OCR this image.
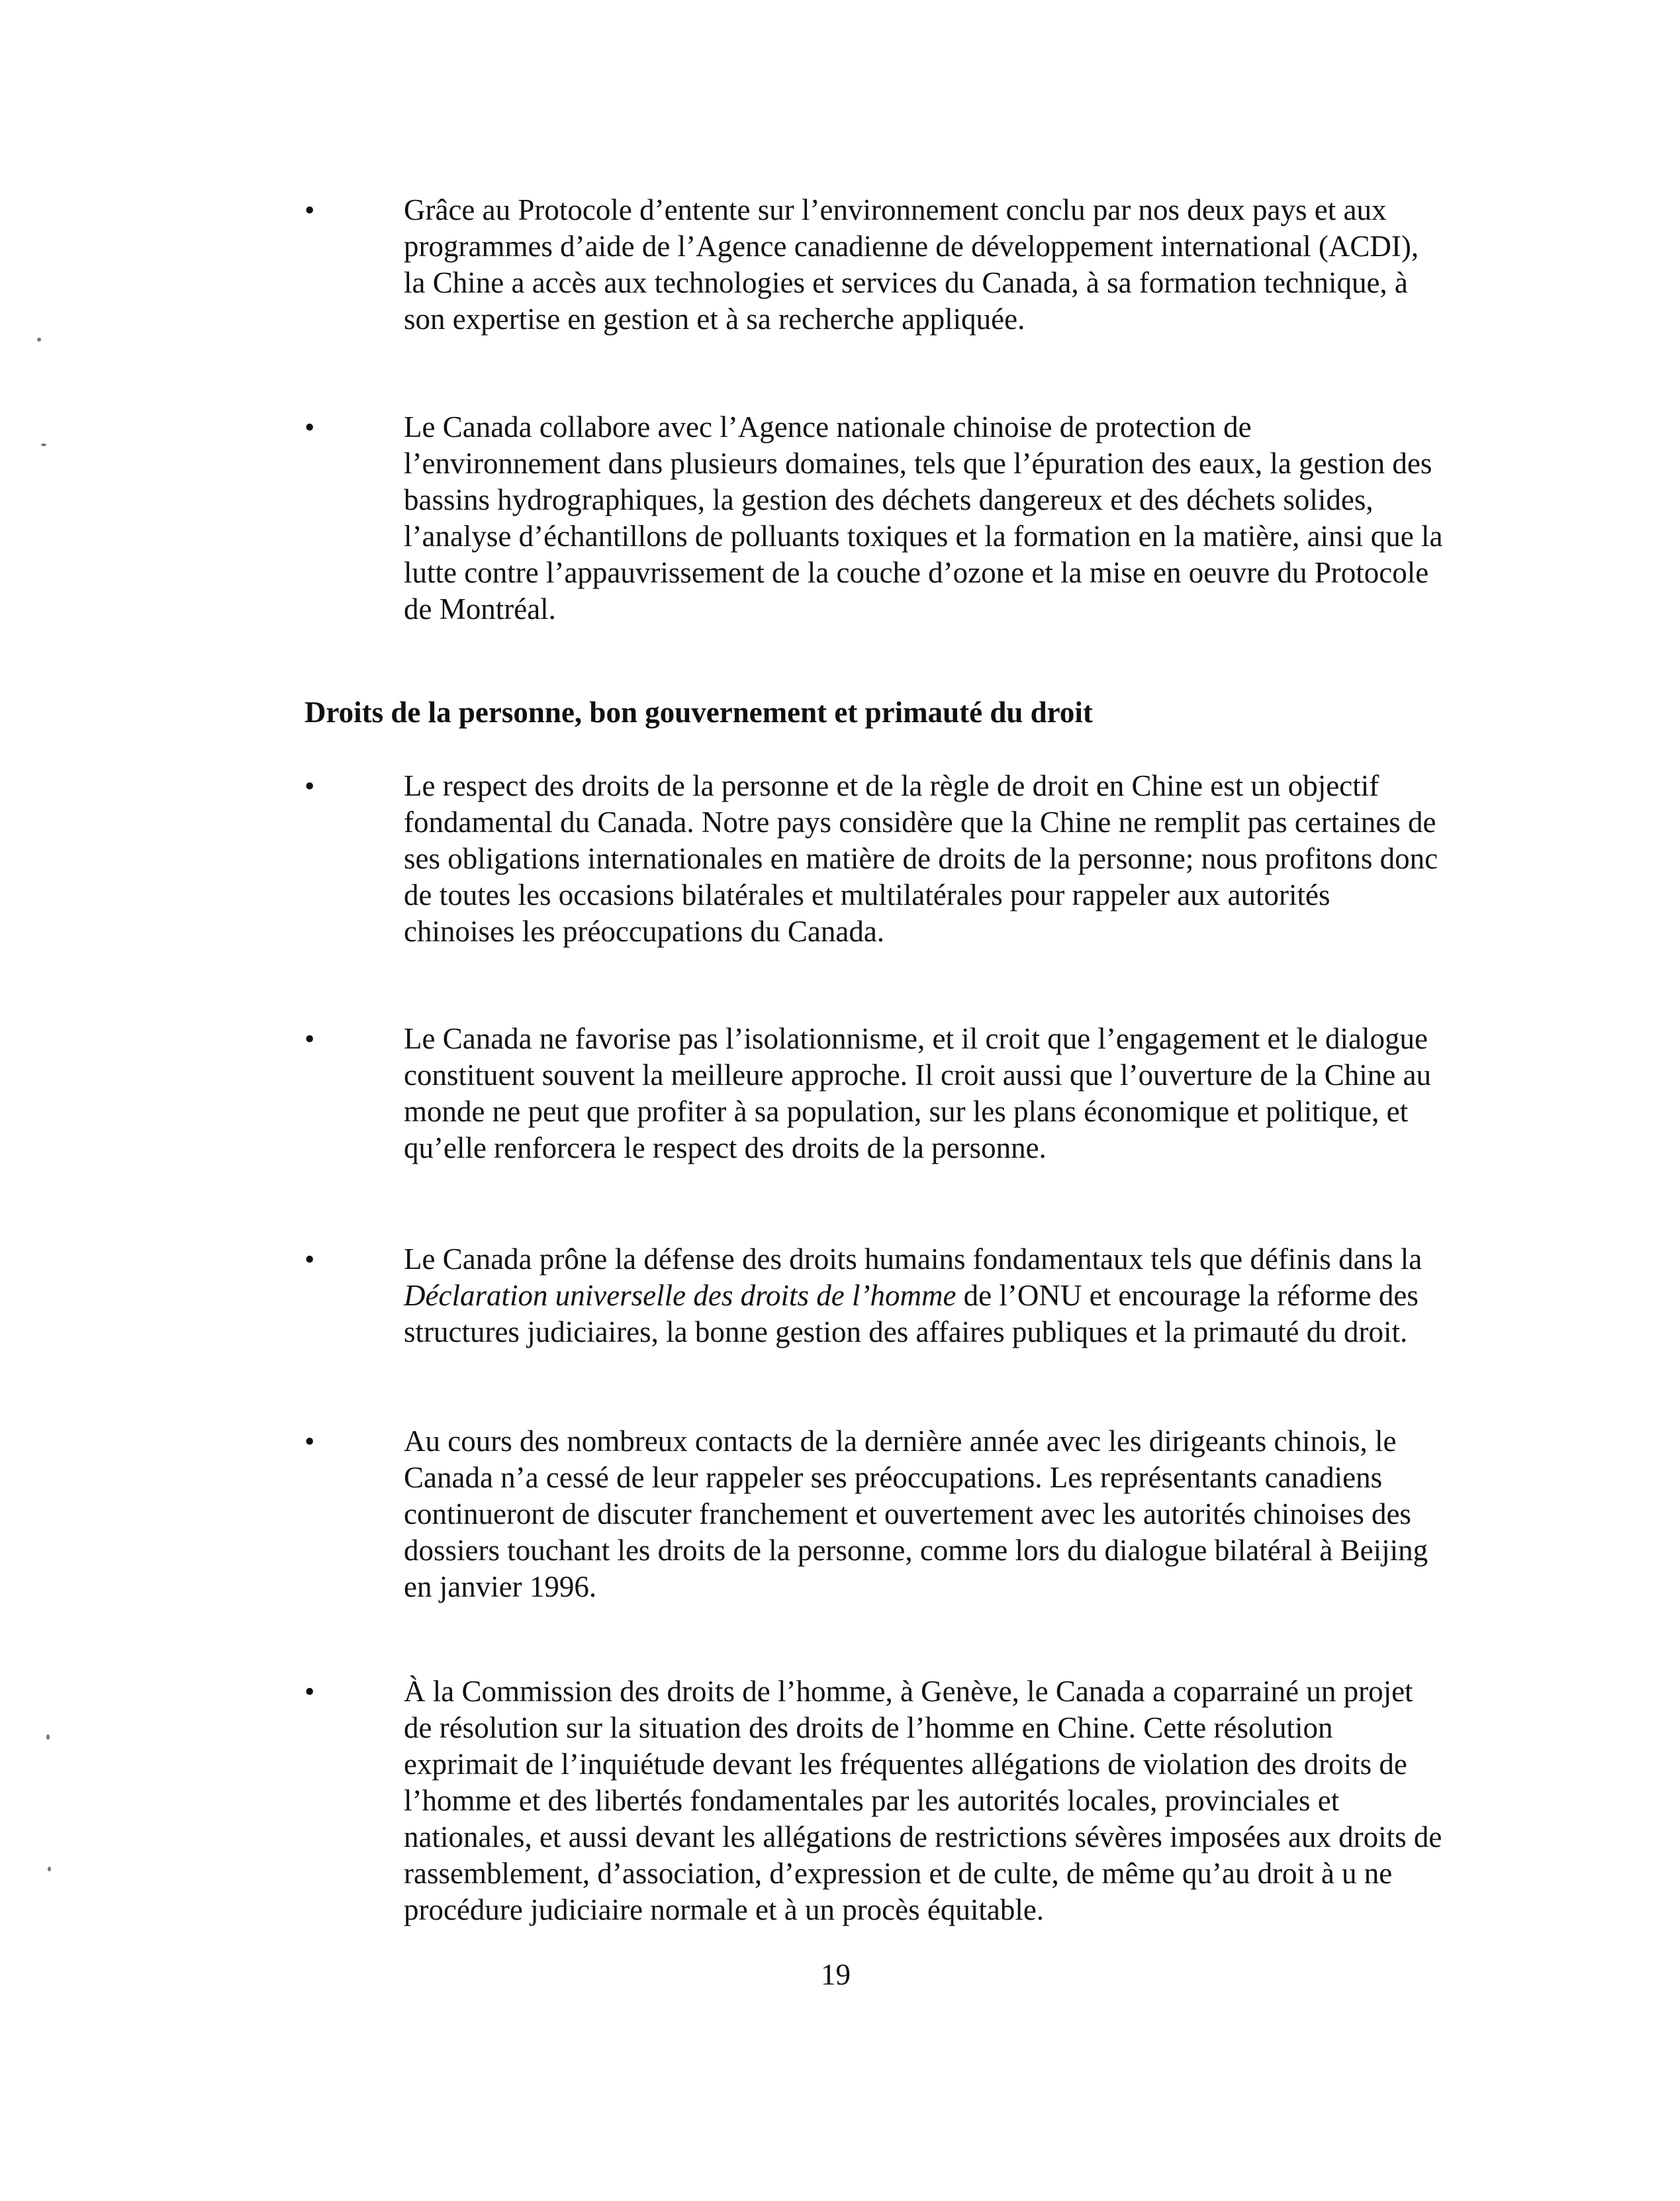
•	Grâce au Protocole d’entente sur l’environnement conclu par nos deux pays et aux programmes d’aide de l’Agence canadienne de développement international (ACDI), la Chine a accès aux technologies et services du Canada, à sa formation technique, à son expertise en gestion et à sa recherche appliquée.
•	Le Canada collabore avec l’Agence nationale chinoise de protection de l’environnement dans plusieurs domaines, tels que l’épuration des eaux, la gestion des bassins hydrographiques, la gestion des déchets dangereux et des déchets solides, l’analyse d’échantillons de polluants toxiques et la formation en la matière, ainsi que la lutte contre l’appauvrissement de la couche d’ozone et la mise en oeuvre du Protocole de Montréal.
Droits de la personne, bon gouvernement et primauté du droit
•	Le respect des droits de la personne et de la règle de droit en Chine est un objectif fondamental du Canada. Notre pays considère que la Chine ne remplit pas certaines de ses obligations internationales en matière de droits de la personne; nous profitons donc de toutes les occasions bilatérales et multilatérales pour rappeler aux autorités chinoises les préoccupations du Canada.
•	Le Canada ne favorise pas l’isolationnisme, et il croit que l’engagement et le dialogue constituent souvent la meilleure approche. Il croit aussi que l’ouverture de la Chine au monde ne peut que profiter à sa population, sur les plans économique et politique, et qu’elle renforcera le respect des droits de la personne.
•	Le Canada prône la défense des droits humains fondamentaux tels que définis dans la Déclaration universelle des droits de l’homme de l’ONU et encourage la réforme des structures judiciaires, la bonne gestion des affaires publiques et la primauté du droit.
•	Au cours des nombreux contacts de la dernière année avec les dirigeants chinois, le Canada n’a cessé de leur rappeler ses préoccupations. Les représentants canadiens continueront de discuter franchement et ouvertement avec les autorités chinoises des dossiers touchant les droits de la personne, comme lors du dialogue bilatéral à Beijing en janvier 1996.
•	À la Commission des droits de l’homme, à Genève, le Canada a coparrainé un projet de résolution sur la situation des droits de l’homme en Chine. Cette résolution exprimait de l’inquiétude devant les fréquentes allégations de violation des droits de l’homme et des libertés fondamentales par les autorités locales, provinciales et nationales, et aussi devant les allégations de restrictions sévères imposées aux droits de rassemblement, d’association, d’expression et de culte, de même qu’au droit à u ne procédure judiciaire normale et à un procès équitable.
19
